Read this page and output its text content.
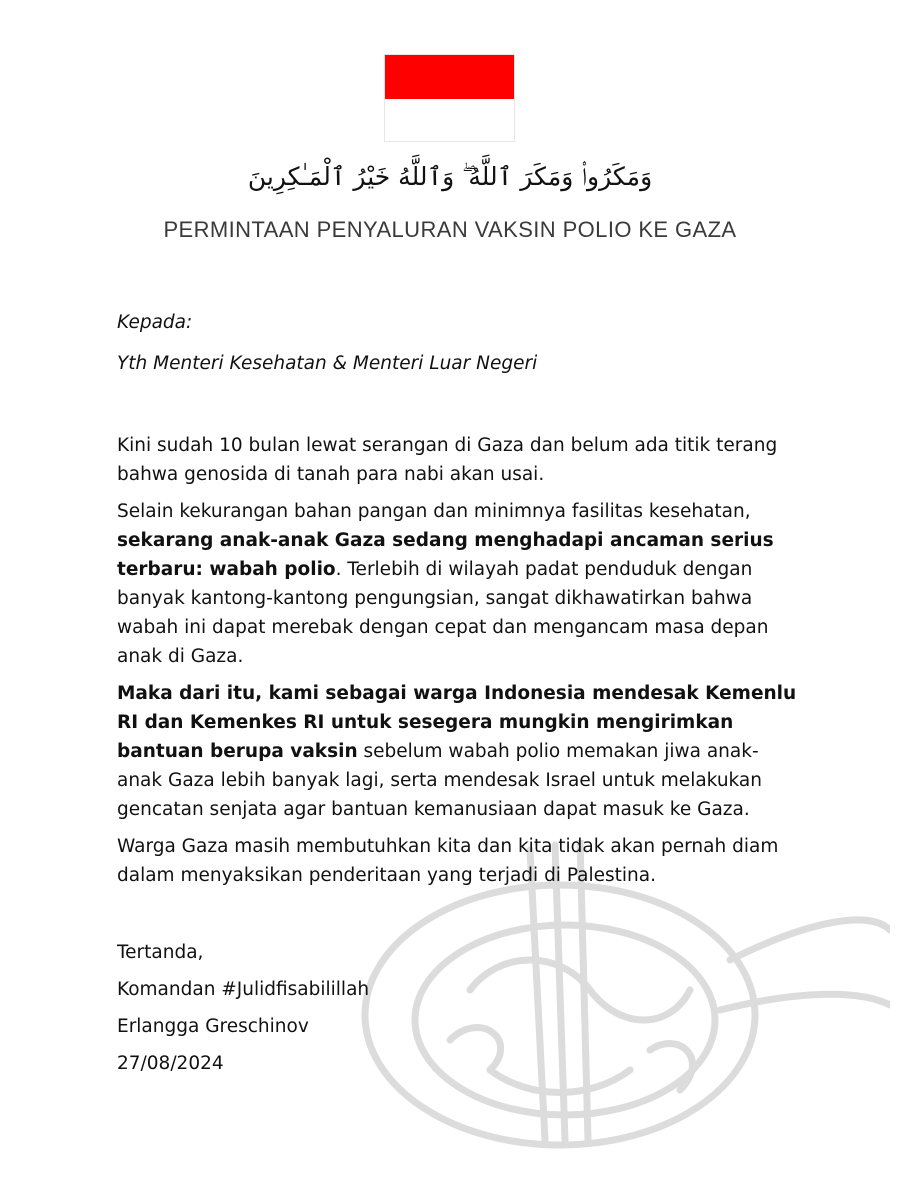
وَمَكَرُوا۟ وَمَكَرَ ٱللَّهُ ۖ وَٱللَّهُ خَيْرُ ٱلْمَـٰكِرِينَ
PERMINTAAN PENYALURAN VAKSIN POLIO KE GAZA

Kepada:

Yth Menteri Kesehatan & Menteri Luar Negeri

Kini sudah 10 bulan lewat serangan di Gaza dan belum ada titik terang bahwa genosida di tanah para nabi akan usai.

Selain kekurangan bahan pangan dan minimnya fasilitas kesehatan, sekarang anak-anak Gaza sedang menghadapi ancaman serius terbaru: wabah polio. Terlebih di wilayah padat penduduk dengan banyak kantong-kantong pengungsian, sangat dikhawatirkan bahwa wabah ini dapat merebak dengan cepat dan mengancam masa depan anak di Gaza.

Maka dari itu, kami sebagai warga Indonesia mendesak Kemenlu RI dan Kemenkes RI untuk sesegera mungkin mengirimkan bantuan berupa vaksin sebelum wabah polio memakan jiwa anak-anak Gaza lebih banyak lagi, serta mendesak Israel untuk melakukan gencatan senjata agar bantuan kemanusiaan dapat masuk ke Gaza.

Warga Gaza masih membutuhkan kita dan kita tidak akan pernah diam dalam menyaksikan penderitaan yang terjadi di Palestina.

Tertanda,

Komandan #Julidfisabilillah

Erlangga Greschinov

27/08/2024
